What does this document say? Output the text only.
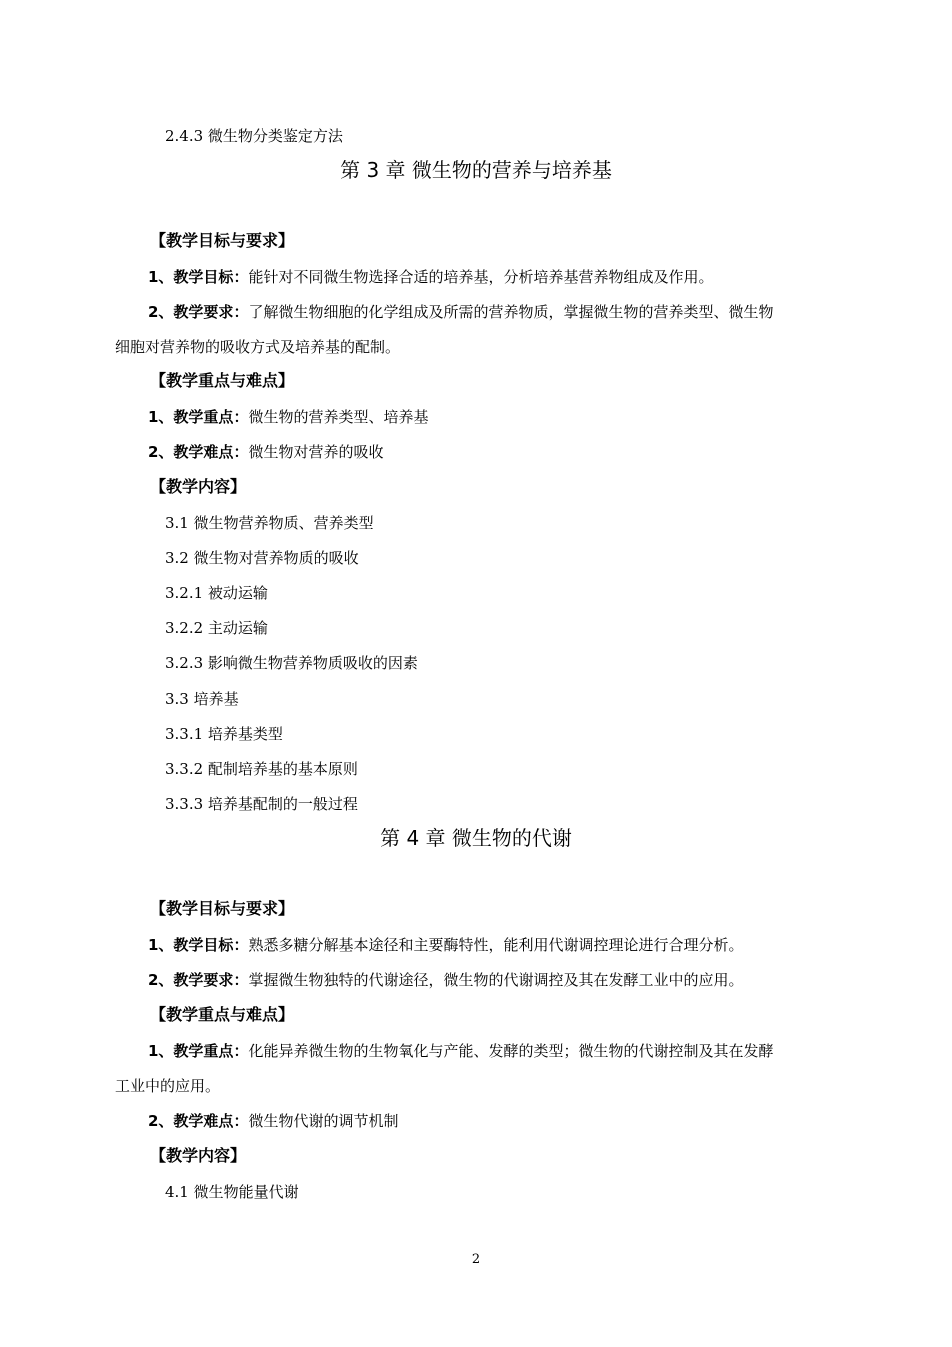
2.4.3 微生物分类鉴定方法
第 3 章 微生物的营养与培养基
【教学目标与要求】
1、教学目标：能针对不同微生物选择合适的培养基，分析培养基营养物组成及作用。
2、教学要求：了解微生物细胞的化学组成及所需的营养物质，掌握微生物的营养类型、微生物
细胞对营养物的吸收方式及培养基的配制。
【教学重点与难点】
1、教学重点：微生物的营养类型、培养基
2、教学难点：微生物对营养的吸收
【教学内容】
3.1 微生物营养物质、营养类型
3.2 微生物对营养物质的吸收
3.2.1 被动运输
3.2.2 主动运输
3.2.3 影响微生物营养物质吸收的因素
3.3 培养基
3.3.1 培养基类型
3.3.2 配制培养基的基本原则
3.3.3 培养基配制的一般过程
第 4 章 微生物的代谢
【教学目标与要求】
1、教学目标：熟悉多糖分解基本途径和主要酶特性，能利用代谢调控理论进行合理分析。
2、教学要求：掌握微生物独特的代谢途径，微生物的代谢调控及其在发酵工业中的应用。
【教学重点与难点】
1、教学重点：化能异养微生物的生物氧化与产能、发酵的类型；微生物的代谢控制及其在发酵
工业中的应用。
2、教学难点：微生物代谢的调节机制
【教学内容】
4.1 微生物能量代谢
2
